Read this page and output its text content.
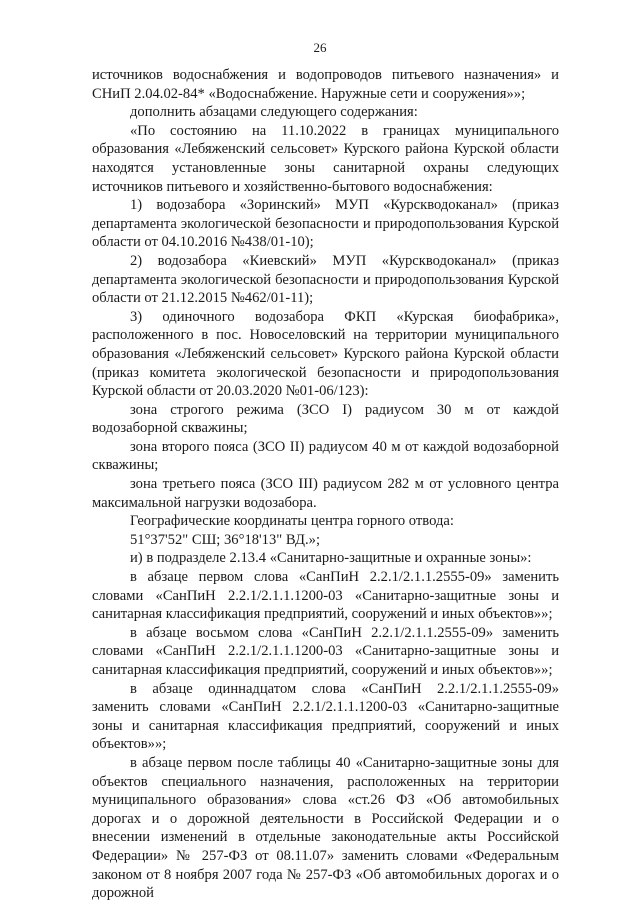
26

источников водоснабжения и водопроводов питьевого назначения» и СНиП 2.04.02-84* «Водоснабжение. Наружные сети и сооружения»»;

дополнить абзацами следующего содержания:

«По состоянию на 11.10.2022 в границах муниципального образования «Лебяженский сельсовет» Курского района Курской области находятся установленные зоны санитарной охраны следующих источников питьевого и хозяйственно-бытового водоснабжения:

1) водозабора «Зоринский» МУП «Курскводоканал» (приказ департамента экологической безопасности и природопользования Курской области от 04.10.2016 №438/01-10);

2) водозабора «Киевский» МУП «Курскводоканал» (приказ департамента экологической безопасности и природопользования Курской области от 21.12.2015 №462/01-11);

3) одиночного водозабора ФКП «Курская биофабрика», расположенного в пос. Новоселовский на территории муниципального образования «Лебяженский сельсовет» Курского района Курской области (приказ комитета экологической безопасности и природопользования Курской области от 20.03.2020 №01-06/123):

зона строгого режима (ЗСО I) радиусом 30 м от каждой водозаборной скважины;

зона второго пояса (ЗСО II) радиусом 40 м от каждой водозаборной скважины;

зона третьего пояса (ЗСО III) радиусом 282 м от условного центра максимальной нагрузки водозабора.

Географические координаты центра горного отвода:

51°37'52" СШ; 36°18'13" ВД.»;

и) в подразделе 2.13.4 «Санитарно-защитные и охранные зоны»:

в абзаце первом слова «СанПиН 2.2.1/2.1.1.2555-09» заменить словами «СанПиН 2.2.1/2.1.1.1200-03 «Санитарно-защитные зоны и санитарная классификация предприятий, сооружений и иных объектов»»;

в абзаце восьмом слова «СанПиН 2.2.1/2.1.1.2555-09» заменить словами «СанПиН 2.2.1/2.1.1.1200-03 «Санитарно-защитные зоны и санитарная классификация предприятий, сооружений и иных объектов»»;

в абзаце одиннадцатом слова «СанПиН 2.2.1/2.1.1.2555-09» заменить словами «СанПиН 2.2.1/2.1.1.1200-03 «Санитарно-защитные зоны и санитарная классификация предприятий, сооружений и иных объектов»»;

в абзаце первом после таблицы 40 «Санитарно-защитные зоны для объектов специального назначения, расположенных на территории муниципального образования» слова «ст.26 ФЗ «Об автомобильных дорогах и о дорожной деятельности в Российской Федерации и о внесении изменений в отдельные законодательные акты Российской Федерации» № 257-ФЗ от 08.11.07» заменить словами «Федеральным законом от 8 ноября 2007 года № 257-ФЗ «Об автомобильных дорогах и о дорожной
